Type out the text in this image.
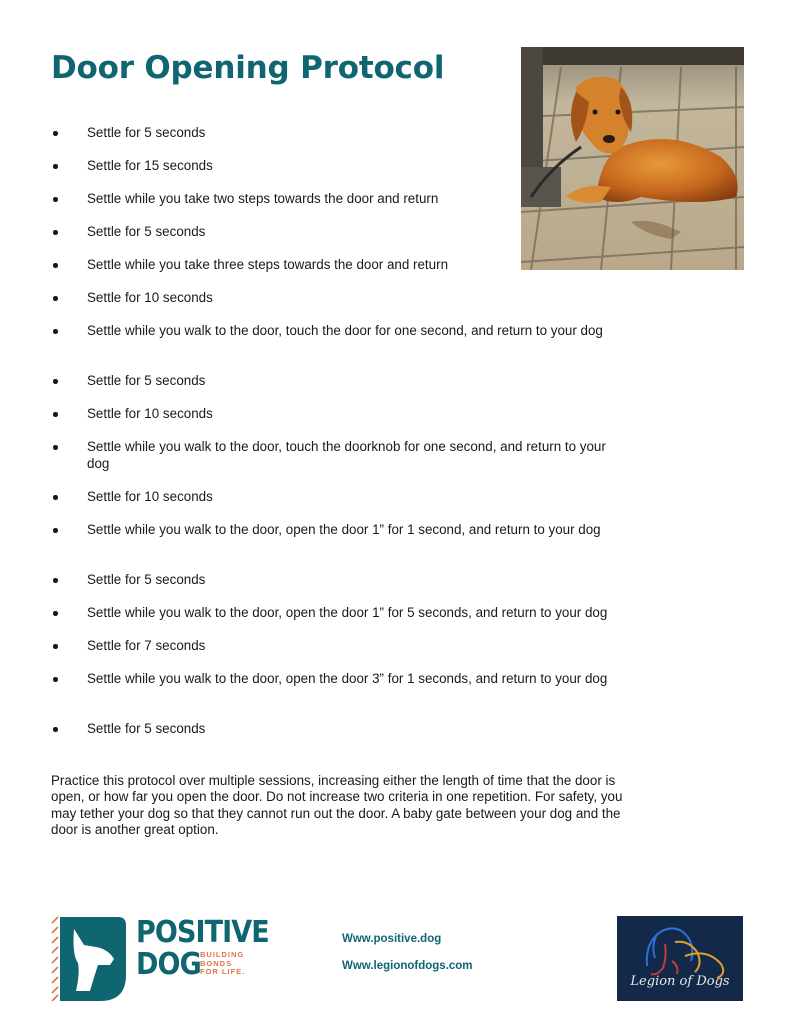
Door Opening Protocol
Settle for 5 seconds
Settle for 15 seconds
Settle while you take two steps towards the door and return
Settle for 5 seconds
Settle while you take three steps towards the door and return
Settle for 10 seconds
Settle while you walk to the door, touch the door for one second, and return to your dog
Settle for 5 seconds
Settle for 10 seconds
Settle while you walk to the door, touch the doorknob for one second, and return to your dog
Settle for 10 seconds
Settle while you walk to the door, open the door 1” for 1 second, and return to your dog
Settle for 5 seconds
Settle while you walk to the door, open the door 1” for 5 seconds, and return to your dog
Settle for 7 seconds
Settle while you walk to the door, open the door 3” for 1 seconds, and return to your dog
Settle for 5 seconds

Practice this protocol over multiple sessions, increasing either the length of time that the door is open, or how far you open the door. Do not increase two criteria in one repetition. For safety, you may tether your dog so that they cannot run out the door. A baby gate between your dog and the door is another great option.

POSITIVE
DOG BUILDING
BONDS
FOR LIFE.
Www.positive.dog
Www.legionofdogs.com
Legion of Dogs
